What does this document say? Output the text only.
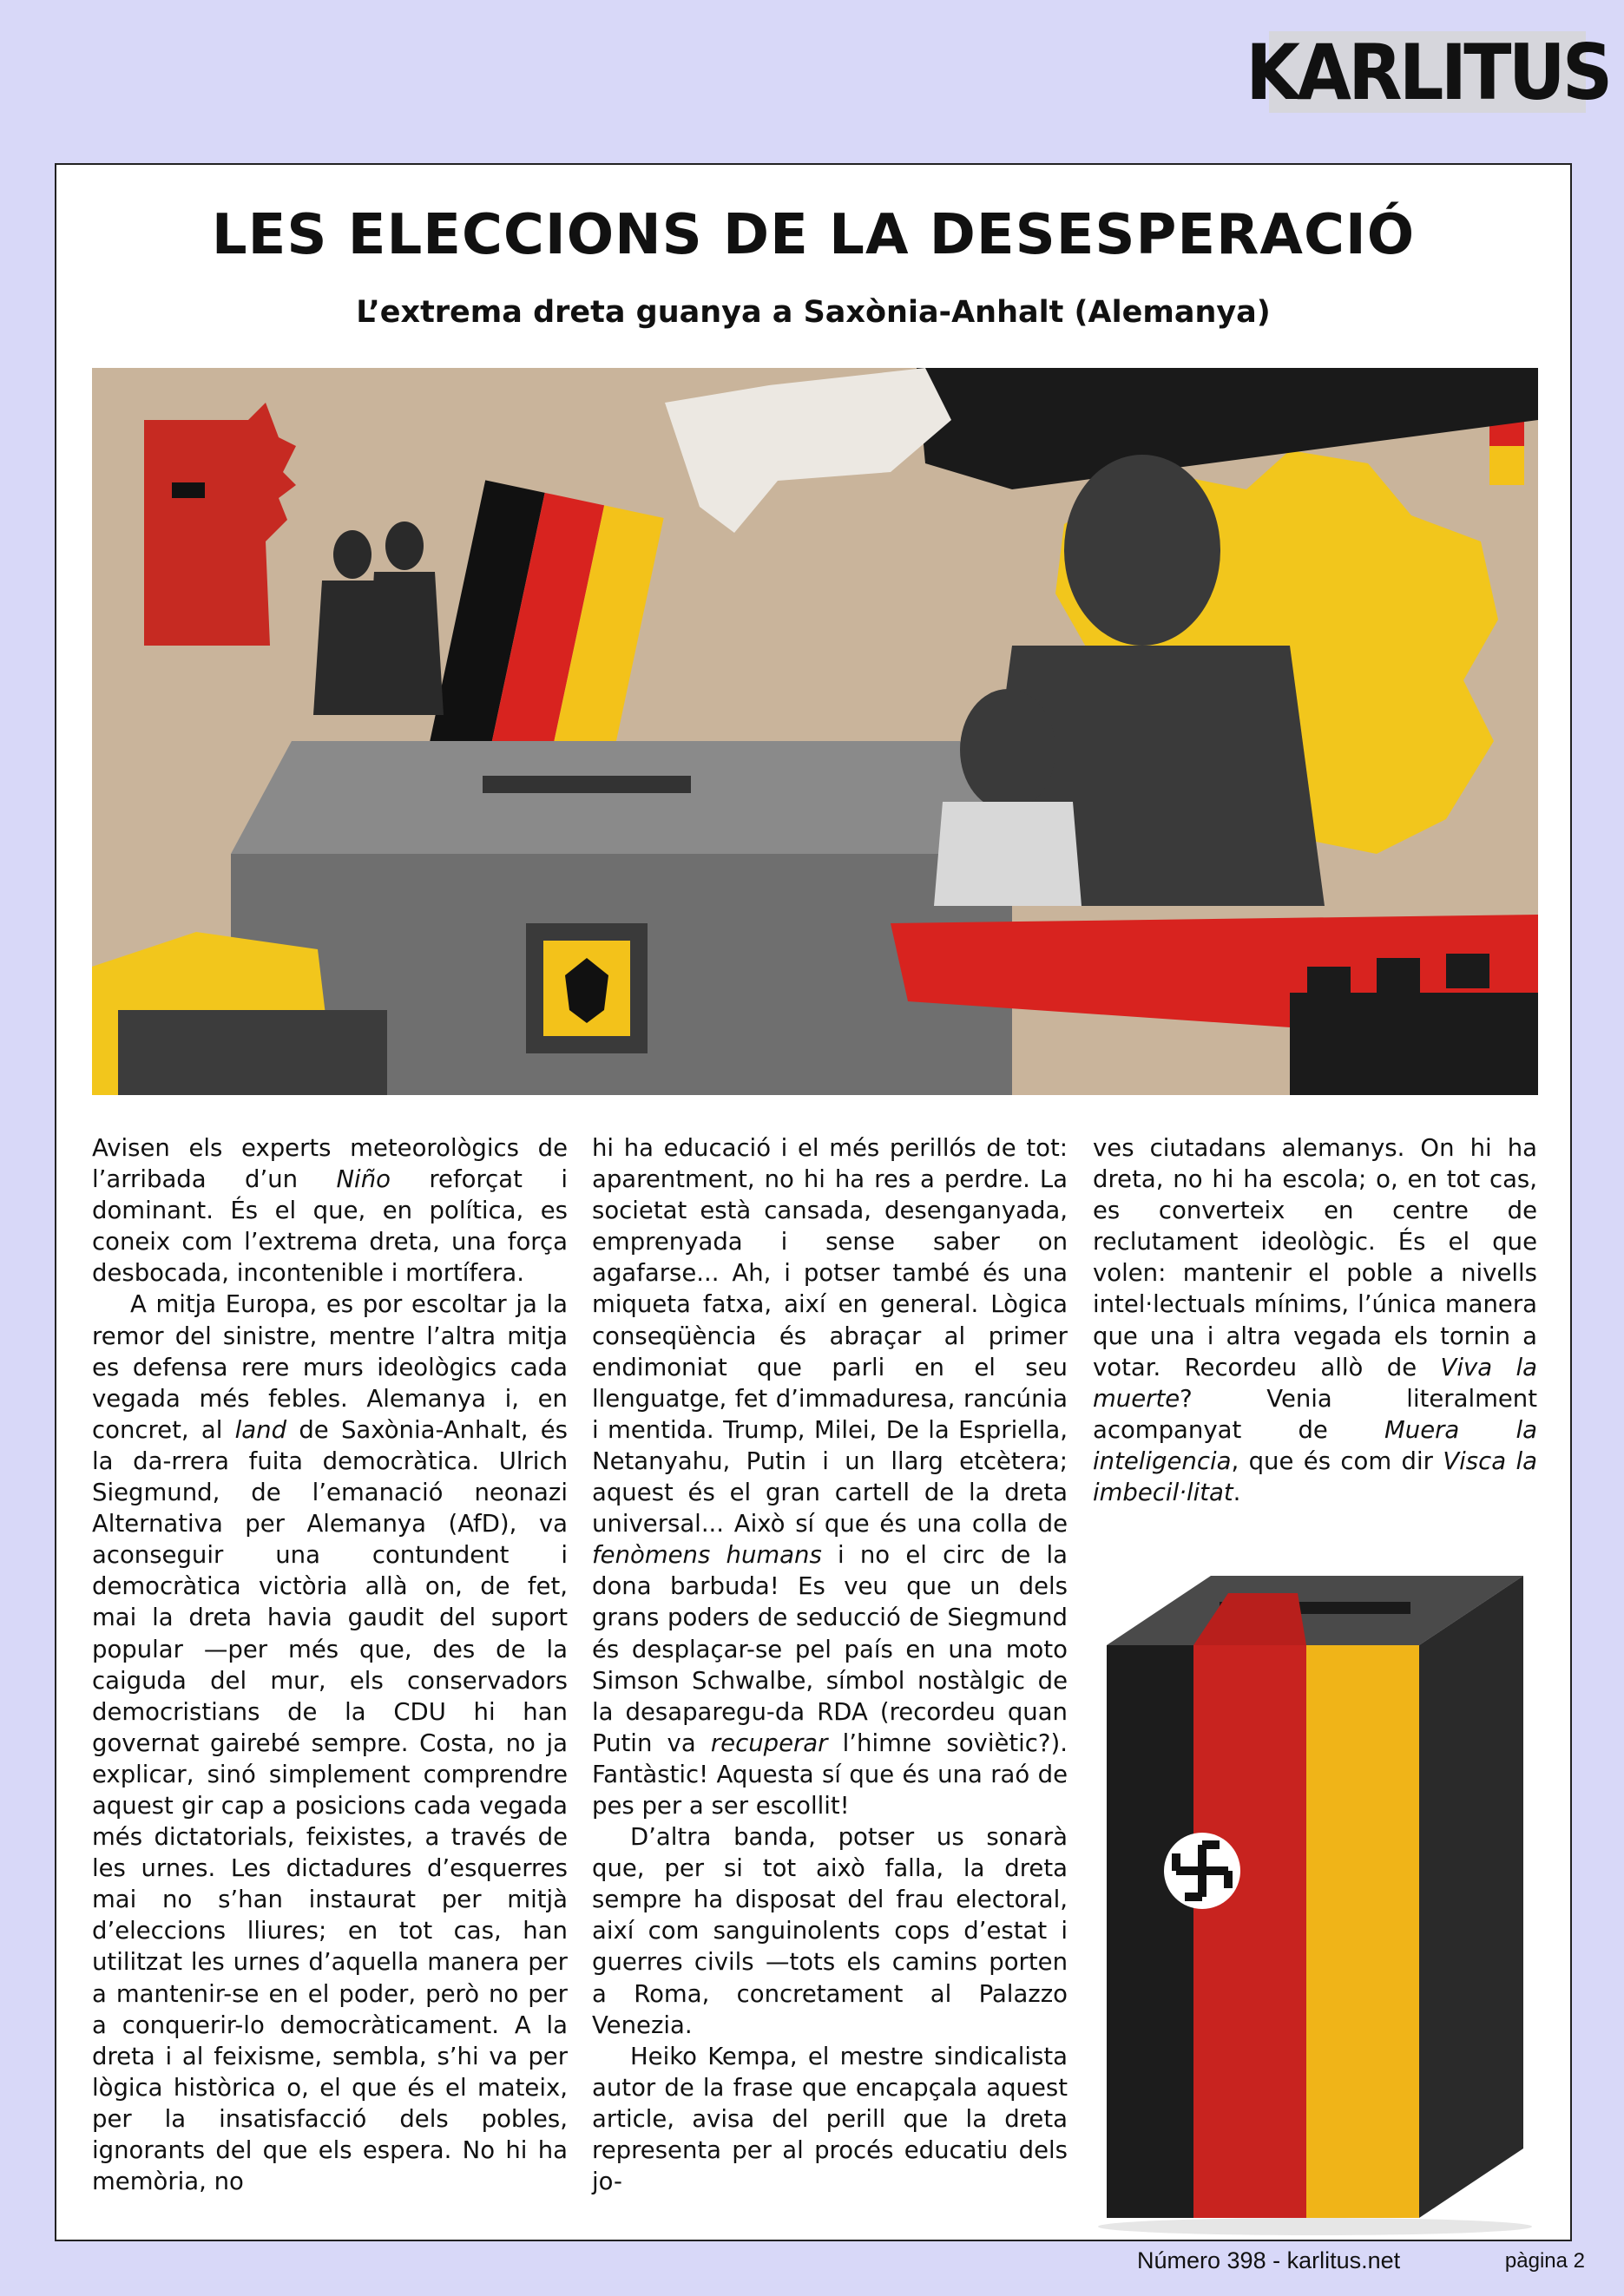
KARLITUS
LES ELECCIONS DE LA DESESPERACIÓ
L’extrema dreta guanya a Saxònia-Anhalt (Alemanya)

Avisen els experts meteorològics de l’arribada d’un Niño reforçat i dominant. És el que, en política, es coneix com l’extrema dreta, una força desbocada, incontenible i mortífera.

A mitja Europa, es por escoltar ja la remor del sinistre, mentre l’altra mitja es defensa rere murs ideològics cada vegada més febles. Alemanya i, en concret, al land de Saxònia-Anhalt, és la da-rrera fuita democràtica. Ulrich Siegmund, de l’emanació neonazi Alternativa per Alemanya (AfD), va aconseguir una contundent i democràtica victòria allà on, de fet, mai la dreta havia gaudit del suport popular —per més que, des de la caiguda del mur, els conservadors democristians de la CDU hi han governat gairebé sempre. Costa, no ja explicar, sinó simplement comprendre aquest gir cap a posicions cada vegada més dictatorials, feixistes, a través de les urnes. Les dictadures d’esquerres mai no s’han instaurat per mitjà d’eleccions lliures; en tot cas, han utilitzat les urnes d’aquella manera per a mantenir-se en el poder, però no per a conquerir-lo democràticament. A la dreta i al feixisme, sembla, s’hi va per lògica històrica o, el que és el mateix, per la insatisfacció dels pobles, ignorants del que els espera. No hi ha memòria, no

hi ha educació i el més perillós de tot: aparentment, no hi ha res a perdre. La societat està cansada, desenganyada, emprenyada i sense saber on agafarse... Ah, i potser també és una miqueta fatxa, així en general. Lògica conseqüència és abraçar al primer endimoniat que parli en el seu llenguatge, fet d’immaduresa, rancúnia i mentida. Trump, Milei, De la Espriella, Netanyahu, Putin i un llarg etcètera; aquest és el gran cartell de la dreta universal... Això sí que és una colla de fenòmens humans i no el circ de la dona barbuda! Es veu que un dels grans poders de seducció de Siegmund és desplaçar-se pel país en una moto Simson Schwalbe, símbol nostàlgic de la desaparegu-da RDA (recordeu quan Putin va recuperar l’himne soviètic?). Fantàstic! Aquesta sí que és una raó de pes per a ser escollit!

D’altra banda, potser us sonarà que, per si tot això falla, la dreta sempre ha disposat del frau electoral, així com sanguinolents cops d’estat i guerres civils —tots els camins porten a Roma, concretament al Palazzo Venezia.

Heiko Kempa, el mestre sindicalista autor de la frase que encapçala aquest article, avisa del perill que la dreta representa per al procés educatiu dels jo-

ves ciutadans alemanys. On hi ha dreta, no hi ha escola; o, en tot cas, es converteix en centre de reclutament ideològic. És el que volen: mantenir el poble a nivells intel·lectuals mínims, l’única manera que una i altra vegada els tornin a votar. Recordeu allò de Viva la muerte? Venia literalment acompanyat de Muera la inteligencia, que és com dir Visca la imbecil·litat.

Número 398 - karlitus.net	pàgina 2
